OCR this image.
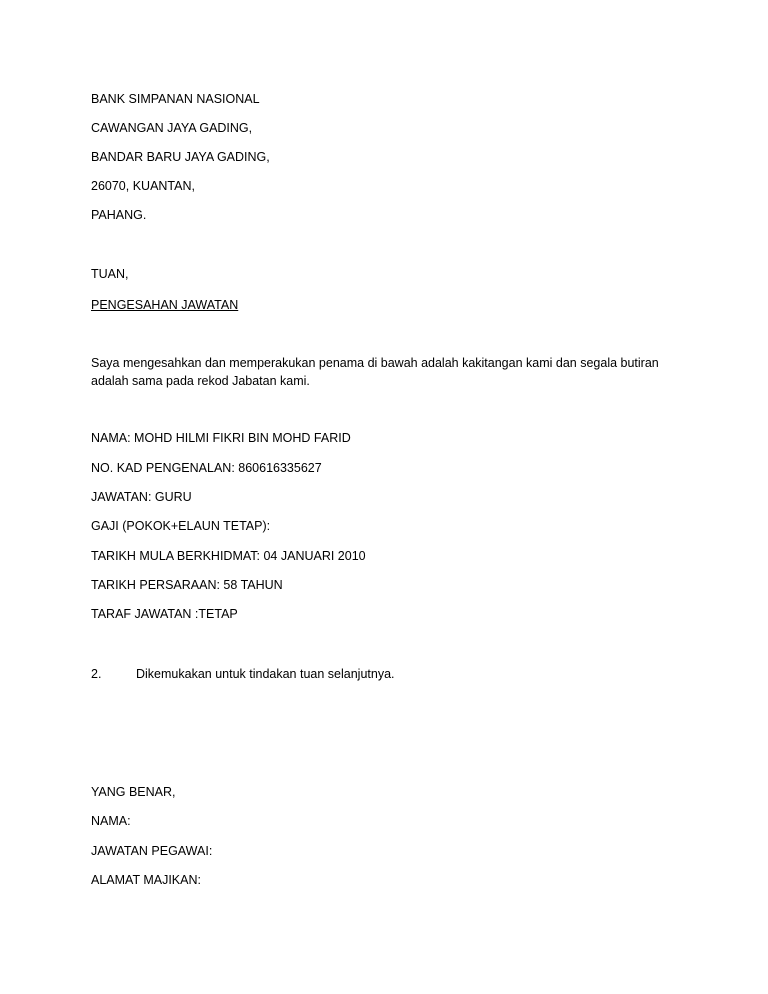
BANK SIMPANAN NASIONAL
CAWANGAN JAYA GADING,
BANDAR BARU JAYA GADING,
26070, KUANTAN,
PAHANG.
TUAN,
PENGESAHAN JAWATAN

Saya mengesahkan dan memperakukan penama di bawah adalah kakitangan kami dan segala butiran adalah sama pada rekod Jabatan kami.

NAMA: MOHD HILMI FIKRI BIN MOHD FARID
NO. KAD PENGENALAN: 860616335627
JAWATAN: GURU
GAJI (POKOK+ELAUN TETAP):
TARIKH MULA BERKHIDMAT: 04 JANUARI 2010
TARIKH PERSARAAN: 58 TAHUN
TARAF JAWATAN :TETAP
2.	Dikemukakan untuk tindakan tuan selanjutnya.
YANG BENAR,
NAMA:
JAWATAN PEGAWAI:
ALAMAT MAJIKAN:
